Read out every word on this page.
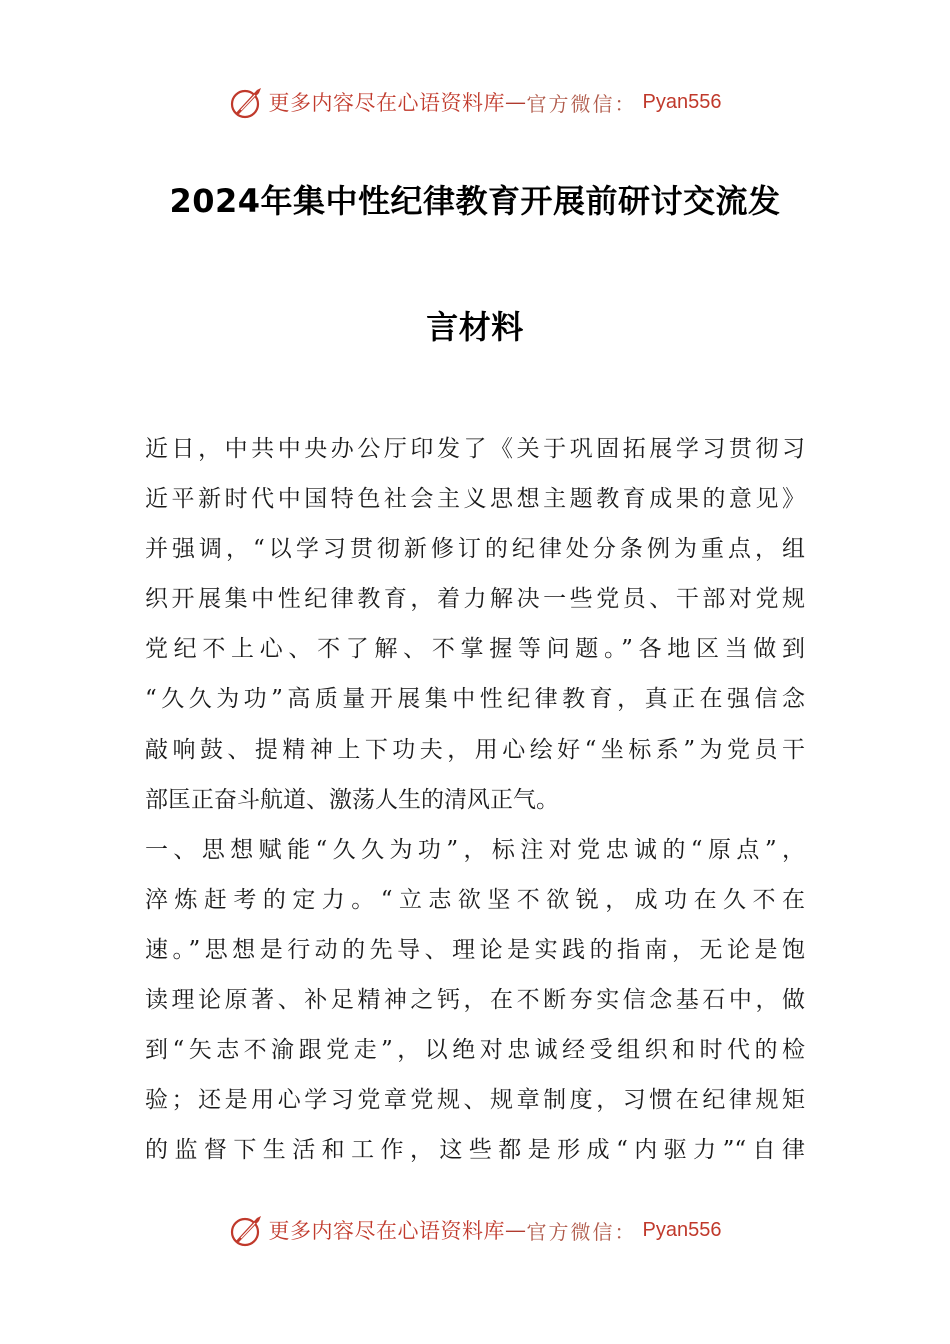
更多内容尽在心语资料库 — 官方微信： Pyan556
2024年集中性纪律教育开展前研讨交流发
言材料
近日，中共中央办公厅印发了《关于巩固拓展学习贯彻习
近平新时代中国特色社会主义思想主题教育成果的意见》
并强调，“以学习贯彻新修订的纪律处分条例为重点，组
织开展集中性纪律教育，着力解决一些党员、干部对党规
党纪不上心、不了解、不掌握等问题。”各地区当做到
“久久为功”高质量开展集中性纪律教育，真正在强信念
敲响鼓、提精神上下功夫，用心绘好“坐标系”为党员干
部匡正奋斗航道、激荡人生的清风正气。
一、思想赋能“久久为功”，标注对党忠诚的“原点”，
淬炼赶考的定力。“立志欲坚不欲锐，成功在久不在
速。”思想是行动的先导、理论是实践的指南，无论是饱
读理论原著、补足精神之钙，在不断夯实信念基石中，做
到“矢志不渝跟党走”，以绝对忠诚经受组织和时代的检
验；还是用心学习党章党规、规章制度，习惯在纪律规矩
的监督下生活和工作，这些都是形成“内驱力”“自律
更多内容尽在心语资料库 — 官方微信： Pyan556
